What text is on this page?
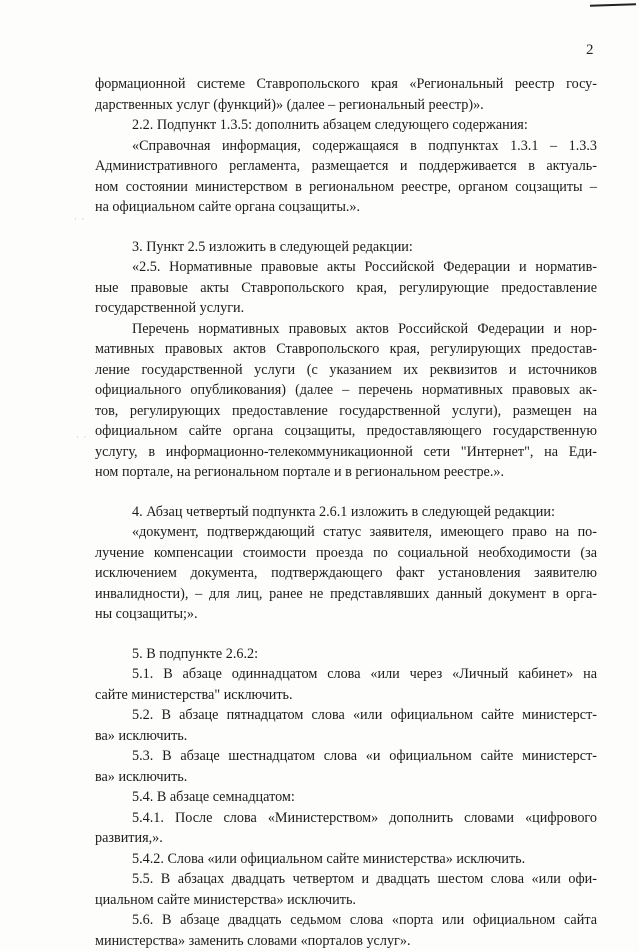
2
· ·
· ·
формационной системе Ставропольского края «Региональный реестр госу-
дарственных услуг (функций)» (далее – региональный реестр)».
2.2. Подпункт 1.3.5: дополнить абзацем следующего содержания:
«Справочная информация, содержащаяся в подпунктах 1.3.1 – 1.3.3
Административного регламента, размещается и поддерживается в актуаль-
ном состоянии министерством в региональном реестре, органом соцзащиты –
на официальном сайте органа соцзащиты.».
3. Пункт 2.5 изложить в следующей редакции:
«2.5. Нормативные правовые акты Российской Федерации и норматив-
ные правовые акты Ставропольского края, регулирующие предоставление
государственной услуги.
Перечень нормативных правовых актов Российской Федерации и нор-
мативных правовых актов Ставропольского края, регулирующих предостав-
ление государственной услуги (с указанием их реквизитов и источников
официального опубликования) (далее – перечень нормативных правовых ак-
тов, регулирующих предоставление государственной услуги), размещен на
официальном сайте органа соцзащиты, предоставляющего государственную
услугу, в информационно-телекоммуникационной сети "Интернет", на Еди-
ном портале, на региональном портале и в региональном реестре.».
4. Абзац четвертый подпункта 2.6.1 изложить в следующей редакции:
«документ, подтверждающий статус заявителя, имеющего право на по-
лучение компенсации стоимости проезда по социальной необходимости (за
исключением документа, подтверждающего факт установления заявителю
инвалидности), – для лиц, ранее не представлявших данный документ в орга-
ны соцзащиты;».
5. В подпункте 2.6.2:
5.1. В абзаце одиннадцатом слова «или через «Личный кабинет» на
сайте министерства" исключить.
5.2. В абзаце пятнадцатом слова «или официальном сайте министерст-
ва» исключить.
5.3. В абзаце шестнадцатом слова «и официальном сайте министерст-
ва» исключить.
5.4. В абзаце семнадцатом:
5.4.1. После слова «Министерством» дополнить словами «цифрового
развития,».
5.4.2. Слова «или официальном сайте министерства» исключить.
5.5. В абзацах двадцать четвертом и двадцать шестом слова «или офи-
циальном сайте министерства» исключить.
5.6. В абзаце двадцать седьмом слова «порта или официальном сайта
министерства» заменить словами «порталов услуг».
